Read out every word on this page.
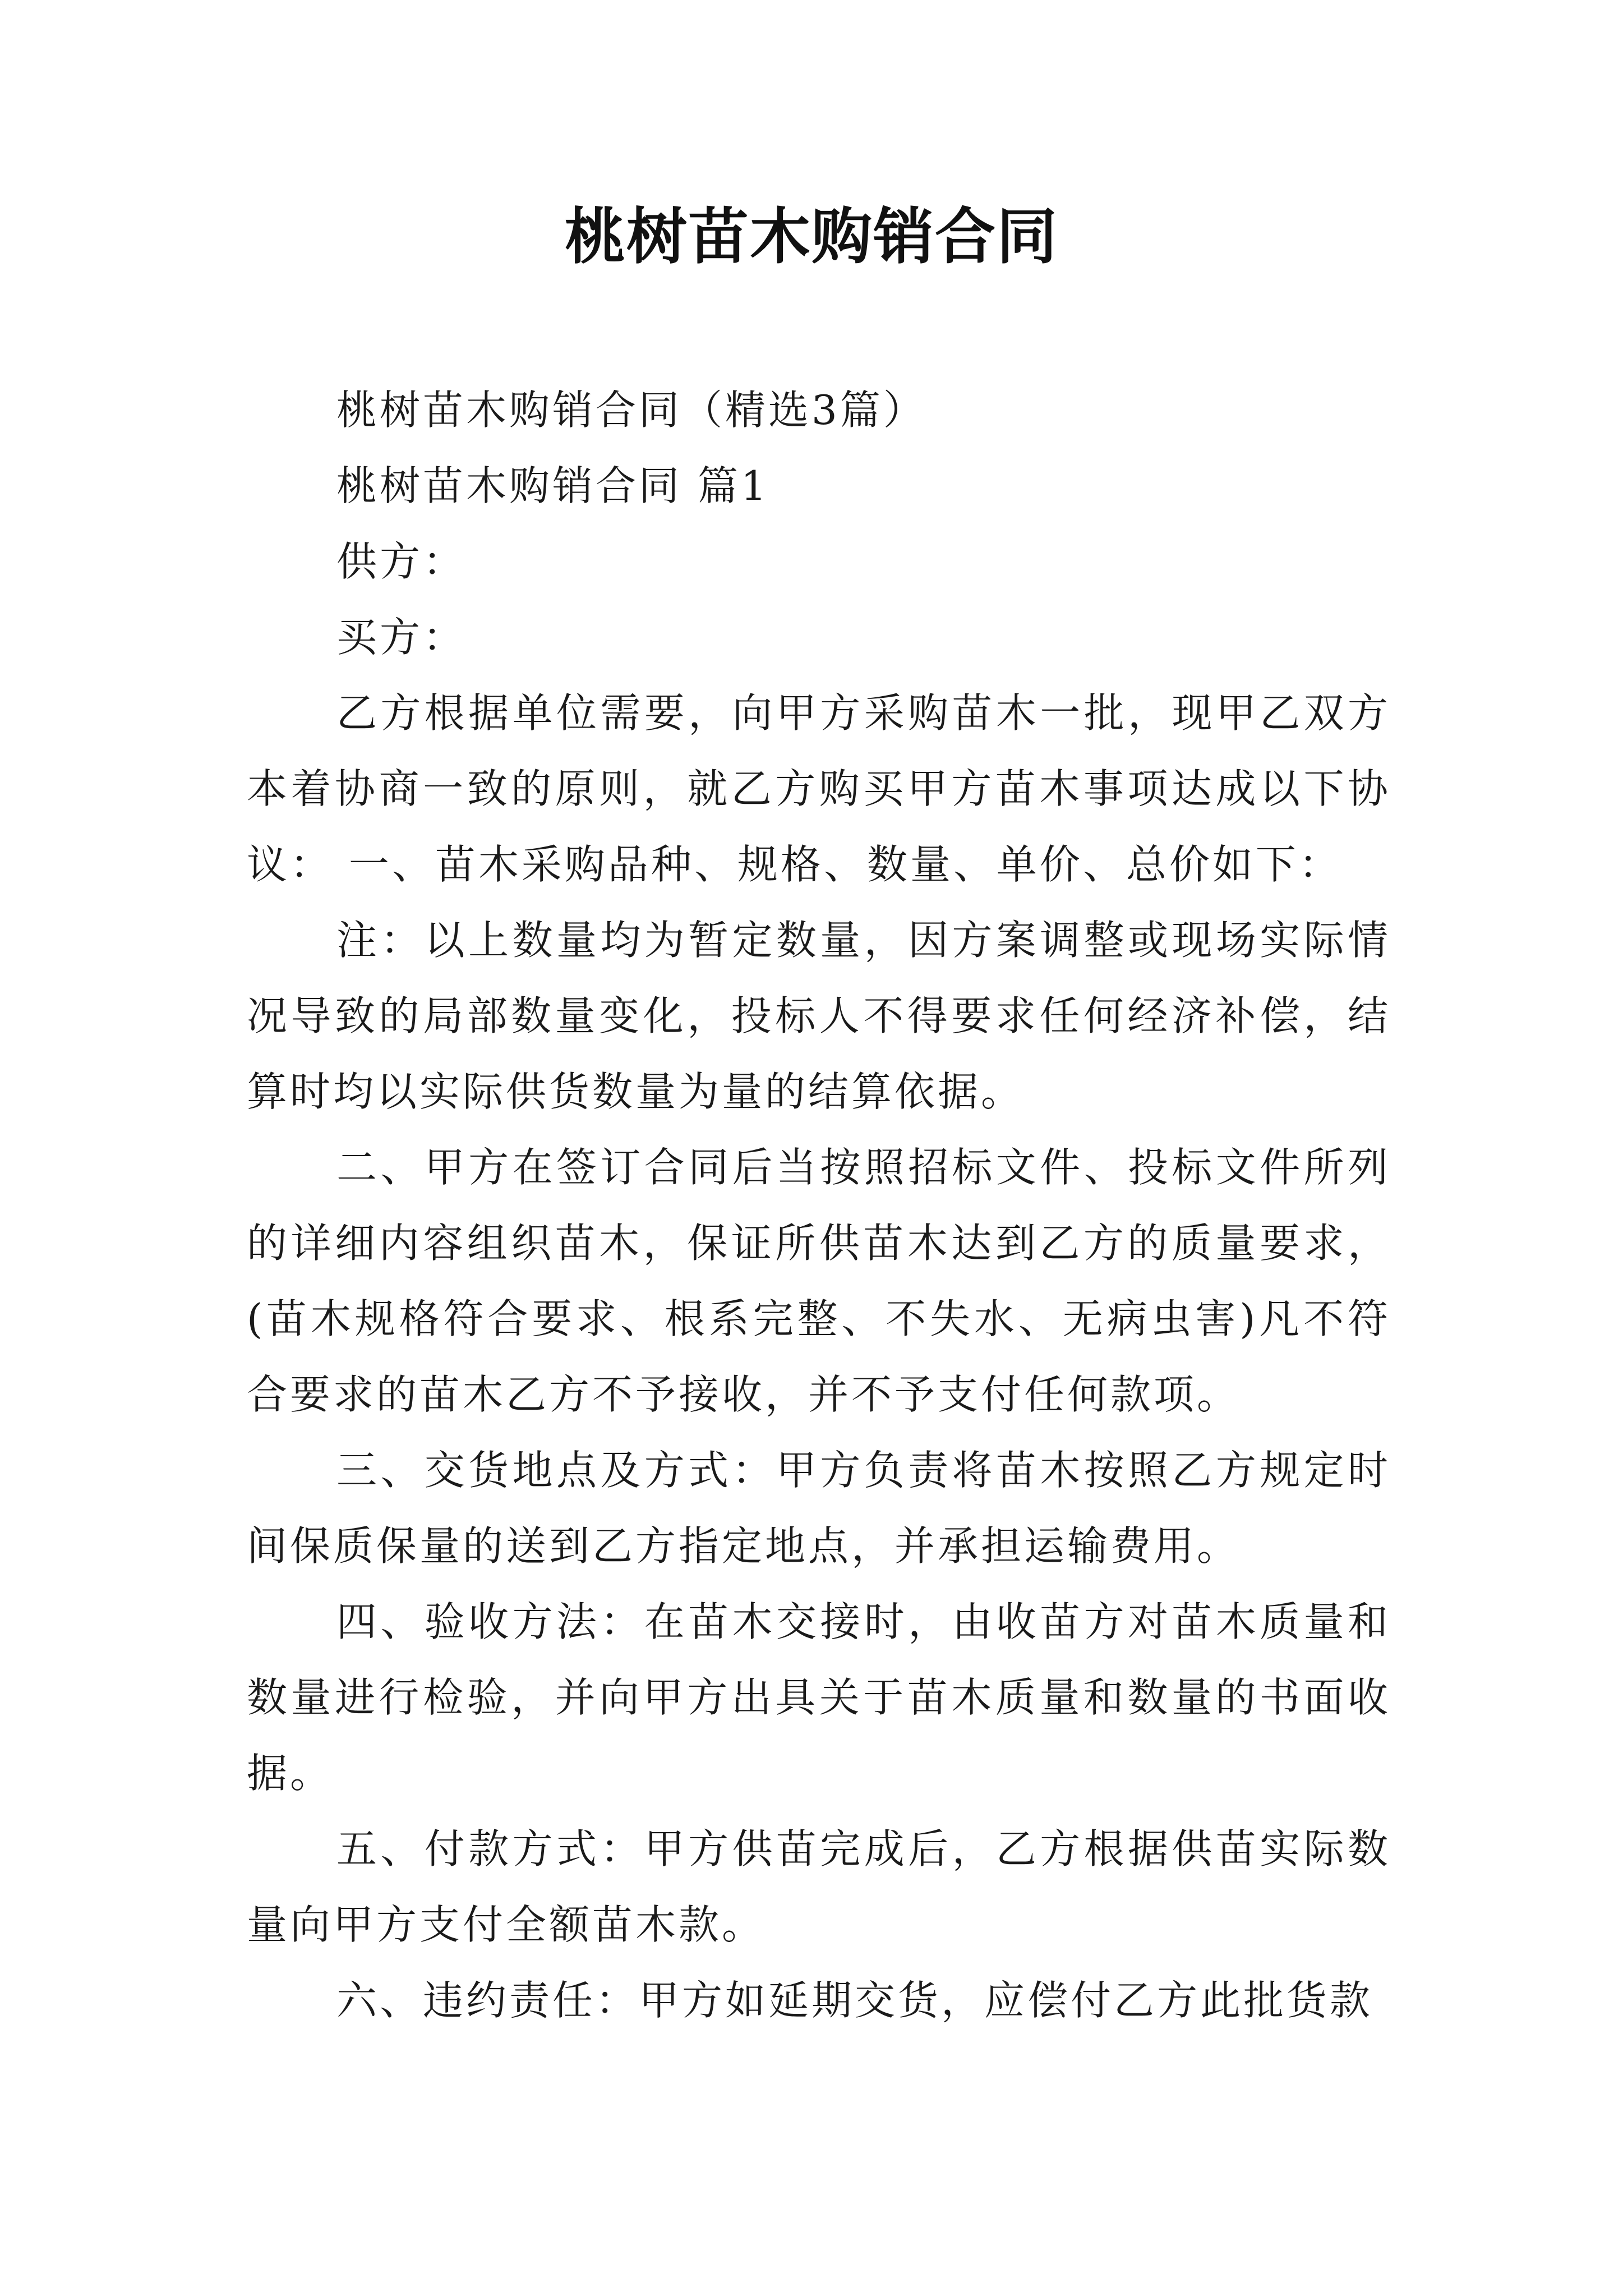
桃树苗木购销合同

桃树苗木购销合同（精选3篇）

桃树苗木购销合同 篇1

供方：

买方：

乙方根据单位需要，向甲方采购苗木一批，现甲乙双方本着协商一致的原则，就乙方购买甲方苗木事项达成以下协议： 一、苗木采购品种、规格、数量、单价、总价如下：

注：以上数量均为暂定数量，因方案调整或现场实际情况导致的局部数量变化，投标人不得要求任何经济补偿，结算时均以实际供货数量为量的结算依据。

二、甲方在签订合同后当按照招标文件、投标文件所列的详细内容组织苗木，保证所供苗木达到乙方的质量要求，(苗木规格符合要求、根系完整、不失水、无病虫害)凡不符合要求的苗木乙方不予接收，并不予支付任何款项。

三、交货地点及方式：甲方负责将苗木按照乙方规定时间保质保量的送到乙方指定地点，并承担运输费用。

四、验收方法：在苗木交接时，由收苗方对苗木质量和数量进行检验，并向甲方出具关于苗木质量和数量的书面收据。

五、付款方式：甲方供苗完成后，乙方根据供苗实际数量向甲方支付全额苗木款。

六、违约责任：甲方如延期交货，应偿付乙方此批货款
